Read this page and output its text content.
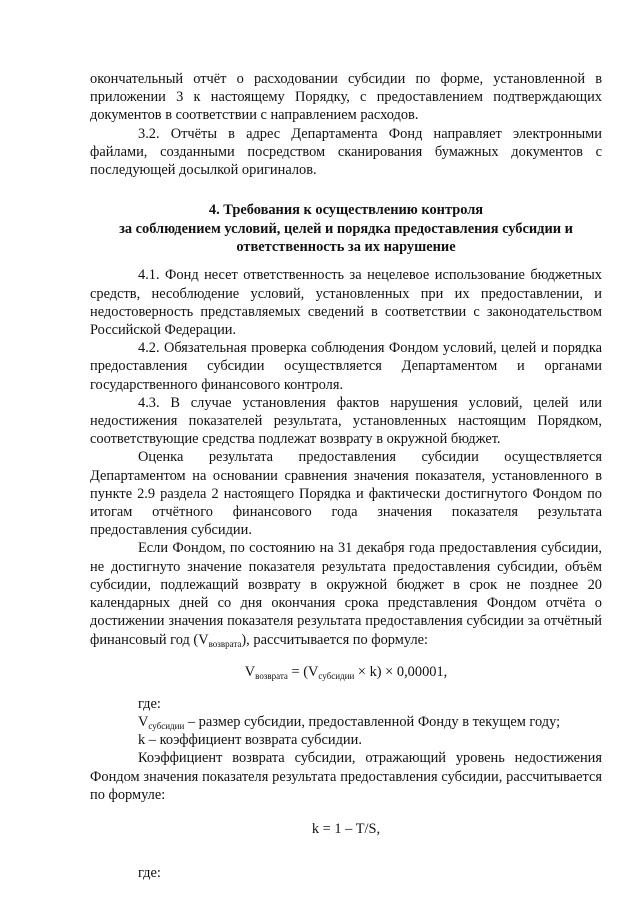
окончательный отчёт о расходовании субсидии по форме, установленной в приложении 3 к настоящему Порядку, с предоставлением подтверждающих документов в соответствии с направлением расходов.

3.2. Отчёты в адрес Департамента Фонд направляет электронными файлами, созданными посредством сканирования бумажных документов с последующей досылкой оригиналов.

4. Требования к осуществлению контроля
за соблюдением условий, целей и порядка предоставления субсидии и
ответственность за их нарушение

4.1. Фонд несет ответственность за нецелевое использование бюджетных средств, несоблюдение условий, установленных при их предоставлении, и недостоверность представляемых сведений в соответствии с законодательством Российской Федерации.

4.2. Обязательная проверка соблюдения Фондом условий, целей и порядка предоставления субсидии осуществляется Департаментом и органами государственного финансового контроля.

4.3. В случае установления фактов нарушения условий, целей или недостижения показателей результата, установленных настоящим Порядком, соответствующие средства подлежат возврату в окружной бюджет.

Оценка результата предоставления субсидии осуществляется Департаментом на основании сравнения значения показателя, установленного в пункте 2.9 раздела 2 настоящего Порядка и фактически достигнутого Фондом по итогам отчётного финансового года значения показателя результата предоставления субсидии.

Если Фондом, по состоянию на 31 декабря года предоставления субсидии, не достигнуто значение показателя результата предоставления субсидии, объём субсидии, подлежащий возврату в окружной бюджет в срок не позднее 20 календарных дней со дня окончания срока представления Фондом отчёта о достижении значения показателя результата предоставления субсидии за отчётный финансовый год $(V_{возврата})$, рассчитывается по формуле:

$V_{возврата} = (V_{субсидии} \times k) \times 0,00001$,

где:

$V_{субсидии}$ – размер субсидии, предоставленной Фонду в текущем году;

k – коэффициент возврата субсидии.

Коэффициент возврата субсидии, отражающий уровень недостижения Фондом значения показателя результата предоставления субсидии, рассчитывается по формуле:

k = 1 – T/S,

где:
